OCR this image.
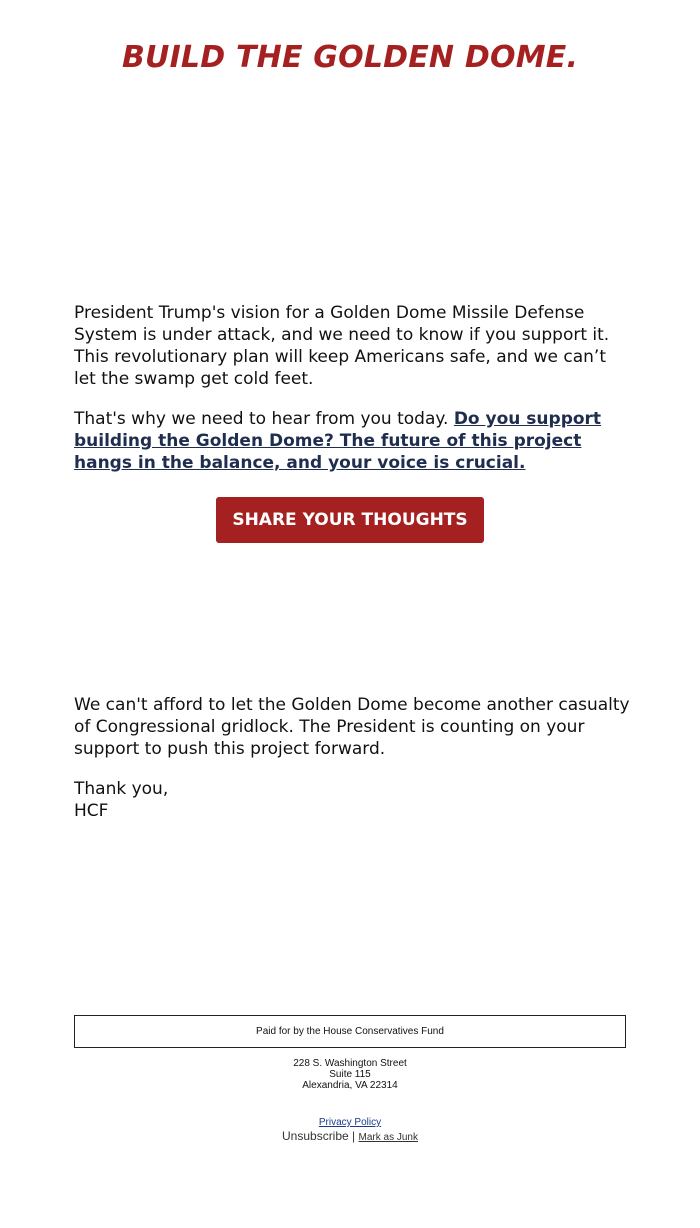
BUILD THE GOLDEN DOME.

President Trump's vision for a Golden Dome Missile Defense System is under attack, and we need to know if you support it. This revolutionary plan will keep Americans safe, and we can’t let the swamp get cold feet.

That's why we need to hear from you today. Do you support building the Golden Dome? The future of this project hangs in the balance, and your voice is crucial.

SHARE YOUR THOUGHTS

We can't afford to let the Golden Dome become another casualty of Congressional gridlock. The President is counting on your support to push this project forward.

Thank you,
HCF
Paid for by the House Conservatives Fund
228 S. Washington Street
Suite 115
Alexandria, VA 22314
Privacy Policy
Unsubscribe | Mark as Junk
